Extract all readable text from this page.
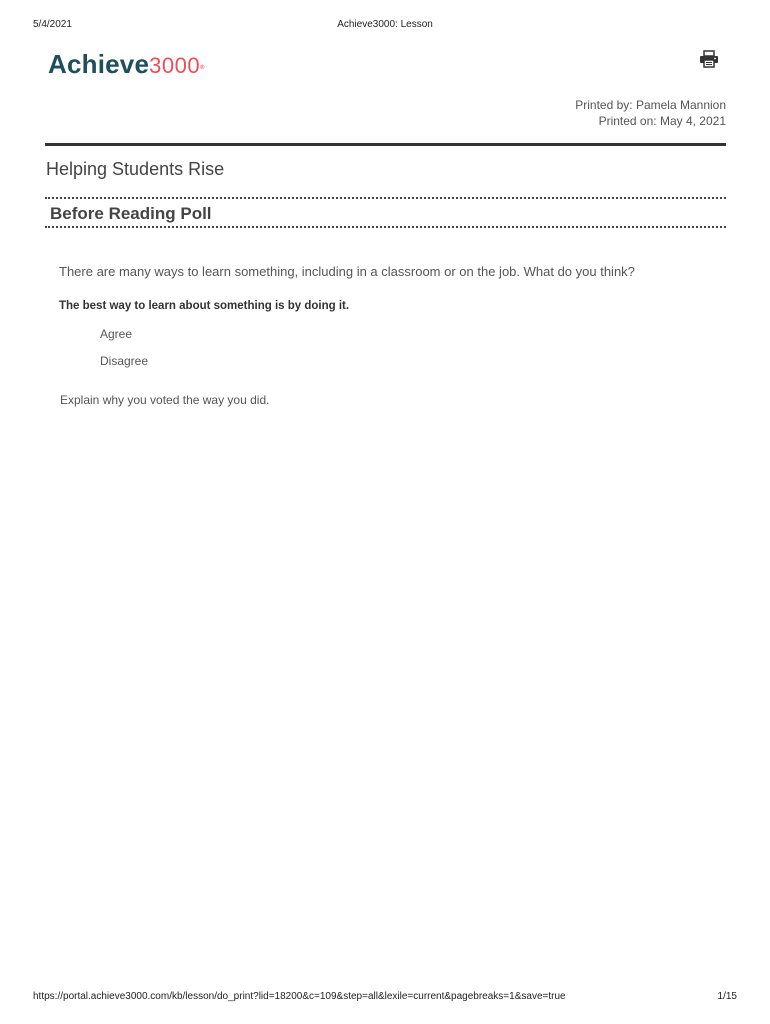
5/4/2021	Achieve3000: Lesson
Achieve3000®
Printed by: Pamela Mannion
Printed on: May 4, 2021
Helping Students Rise
Before Reading Poll
There are many ways to learn something, including in a classroom or on the job. What do you think?
The best way to learn about something is by doing it.
Agree
Disagree
Explain why you voted the way you did.
https://portal.achieve3000.com/kb/lesson/do_print?lid=18200&c=109&step=all&lexile=current&pagebreaks=1&save=true	1/15
